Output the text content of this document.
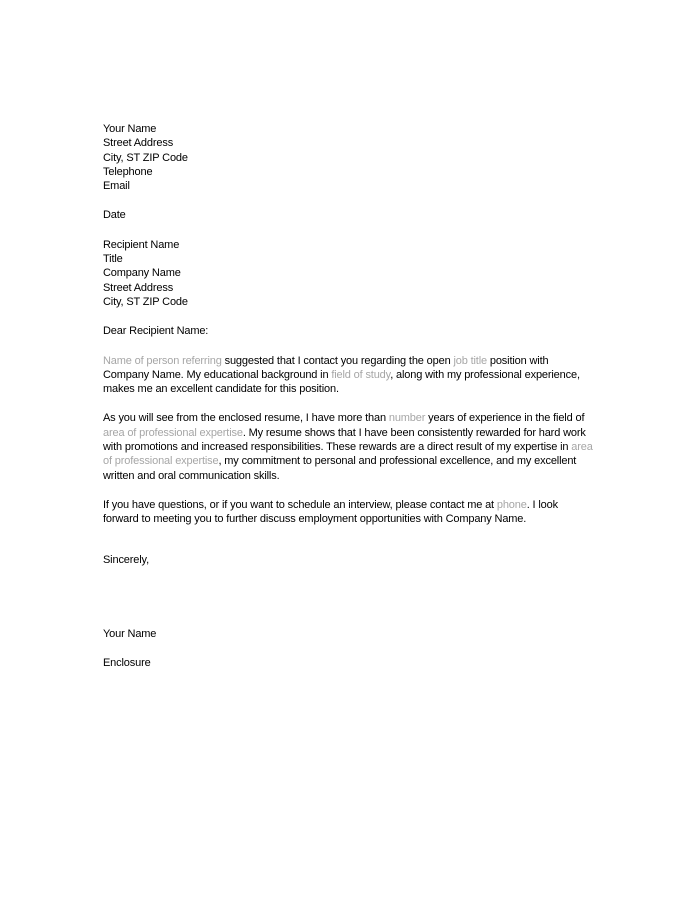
Your Name
Street Address
City, ST ZIP Code
Telephone
Email
Date
Recipient Name
Title
Company Name
Street Address
City, ST ZIP Code
Dear Recipient Name:

Name of person referring suggested that I contact you regarding the open job title position with Company Name. My educational background in field of study, along with my professional experience, makes me an excellent candidate for this position.

As you will see from the enclosed resume, I have more than number years of experience in the field of area of professional expertise. My resume shows that I have been consistently rewarded for hard work with promotions and increased responsibilities. These rewards are a direct result of my expertise in area of professional expertise, my commitment to personal and professional excellence, and my excellent written and oral communication skills.

If you have questions, or if you want to schedule an interview, please contact me at phone. I look forward to meeting you to further discuss employment opportunities with Company Name.

Sincerely,
Your Name
Enclosure
